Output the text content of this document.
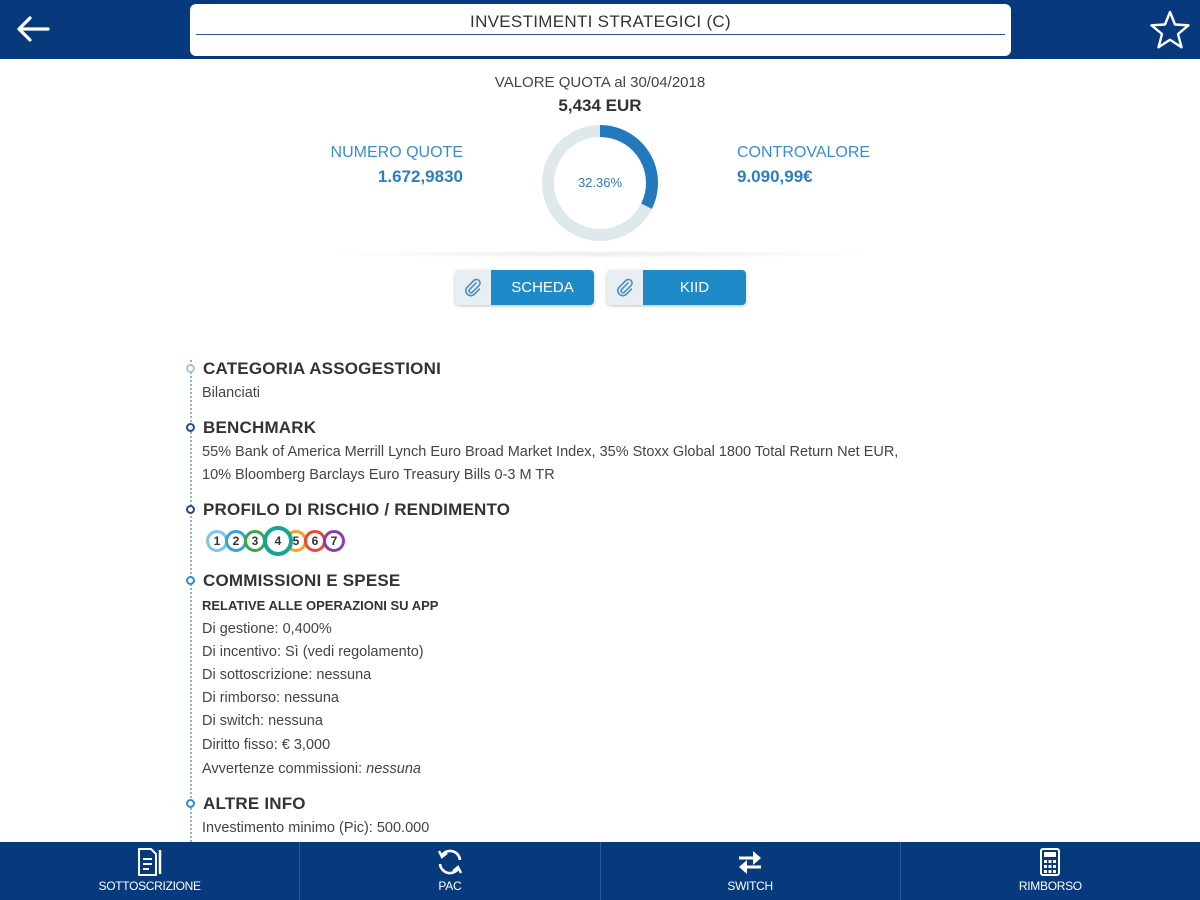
INVESTIMENTI STRATEGICI (C)
VALORE QUOTA al 30/04/2018
5,434 EUR
NUMERO QUOTE
1.672,9830	32.36%
CONTROVALORE
9.090,99€
SCHEDA	KIID
CATEGORIA ASSOGESTIONI
Bilanciati
BENCHMARK
55% Bank of America Merrill Lynch Euro Broad Market Index, 35% Stoxx Global 1800 Total Return Net EUR,
10% Bloomberg Barclays Euro Treasury Bills 0-3 M TR
PROFILO DI RISCHIO / RENDIMENTO
1	2	3	5	6	7
4
COMMISSIONI E SPESE
RELATIVE ALLE OPERAZIONI SU APP
Di gestione: 0,400%
Di incentivo: Sì (vedi regolamento)
Di sottoscrizione: nessuna
Di rimborso: nessuna
Di switch: nessuna
Diritto fisso: € 3,000
Avvertenze commissioni: nessuna
ALTRE INFO
Investimento minimo (Pic): 500.000
SOTTOSCRIZIONE	PAC	SWITCH	RIMBORSO
